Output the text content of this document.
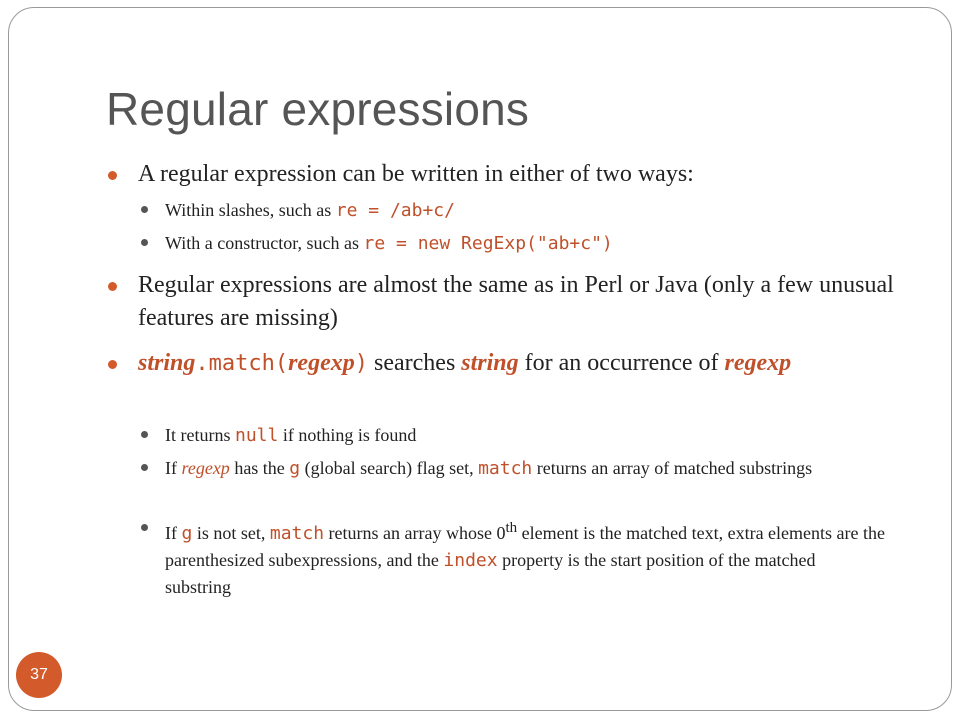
Regular expressions
A regular expression can be written in either of two ways:
Within slashes, such as re = /ab+c/
With a constructor, such as re = new RegExp("ab+c")
Regular expressions are almost the same as in Perl or Java (only a few unusual features are missing)
string.match(regexp) searches string for an occurrence of regexp
It returns null if nothing is found
If regexp has the g (global search) flag set, match returns an array of matched substrings
If g is not set, match returns an array whose 0th element is the matched text, extra elements are the parenthesized subexpressions, and the index property is the start position of the matched substring
37
